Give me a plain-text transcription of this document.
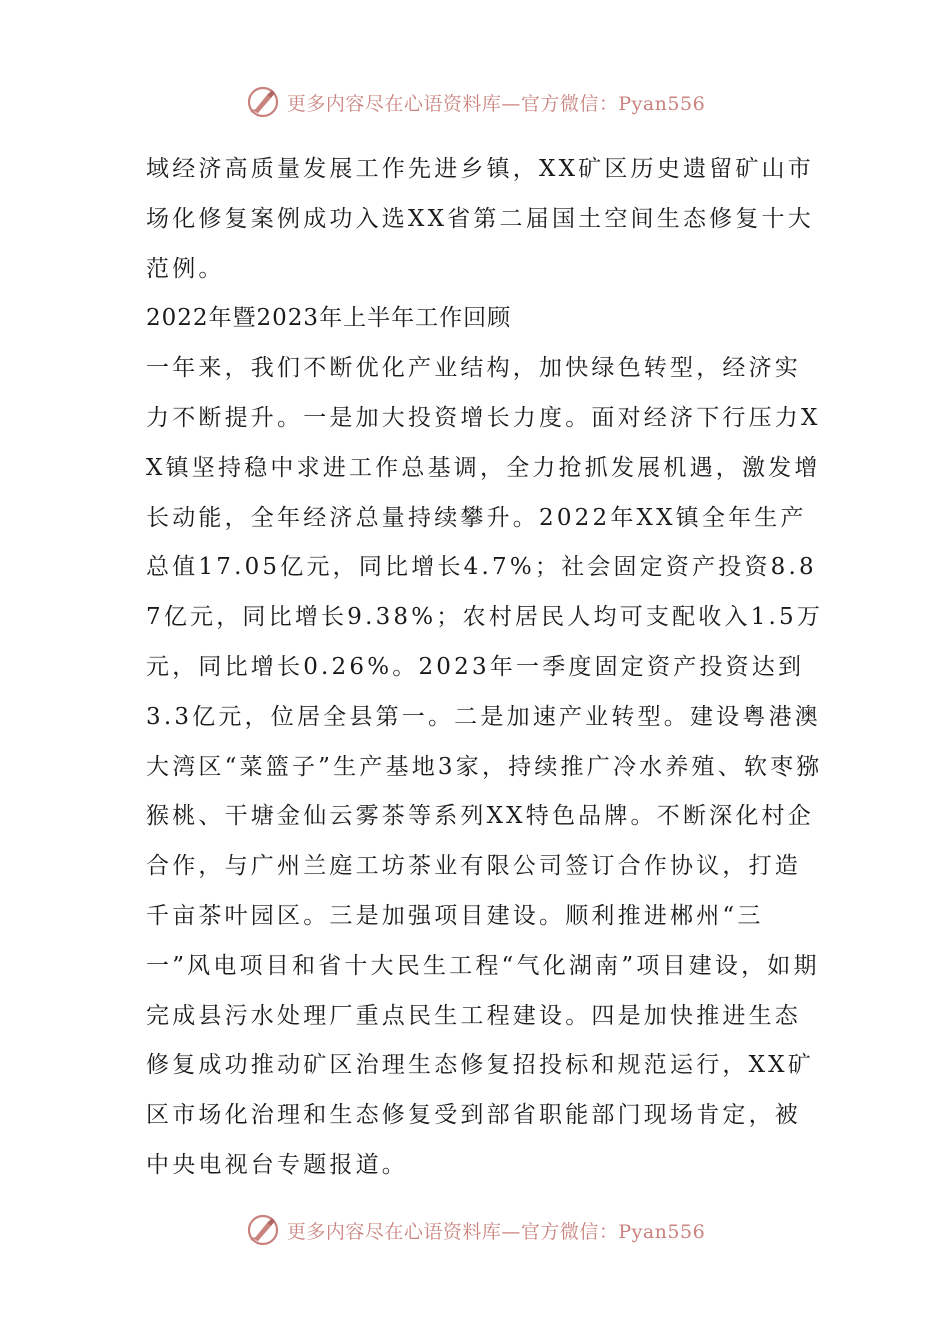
更多内容尽在心语资料库—官方微信：Pyan556

域经济高质量发展工作先进乡镇，XX矿区历史遗留矿山市场化修复案例成功入选XX省第二届国土空间生态修复十大范例。

2022年暨2023年上半年工作回顾

一年来，我们不断优化产业结构，加快绿色转型，经济实力不断提升。一是加大投资增长力度。面对经济下行压力XX镇坚持稳中求进工作总基调，全力抢抓发展机遇，激发增长动能，全年经济总量持续攀升。2022年XX镇全年生产总值17.05亿元，同比增长4.7%；社会固定资产投资8.87亿元，同比增长9.38%；农村居民人均可支配收入1.5万元，同比增长0.26%。2023年一季度固定资产投资达到3.3亿元，位居全县第一。二是加速产业转型。建设粤港澳大湾区“菜篮子”生产基地3家，持续推广冷水养殖、软枣猕猴桃、干塘金仙云雾茶等系列XX特色品牌。不断深化村企合作，与广州兰庭工坊茶业有限公司签订合作协议，打造千亩茶叶园区。三是加强项目建设。顺利推进郴州“三一”风电项目和省十大民生工程“气化湖南”项目建设，如期完成县污水处理厂重点民生工程建设。四是加快推进生态修复成功推动矿区治理生态修复招投标和规范运行，XX矿区市场化治理和生态修复受到部省职能部门现场肯定，被中央电视台专题报道。

更多内容尽在心语资料库—官方微信：Pyan556
